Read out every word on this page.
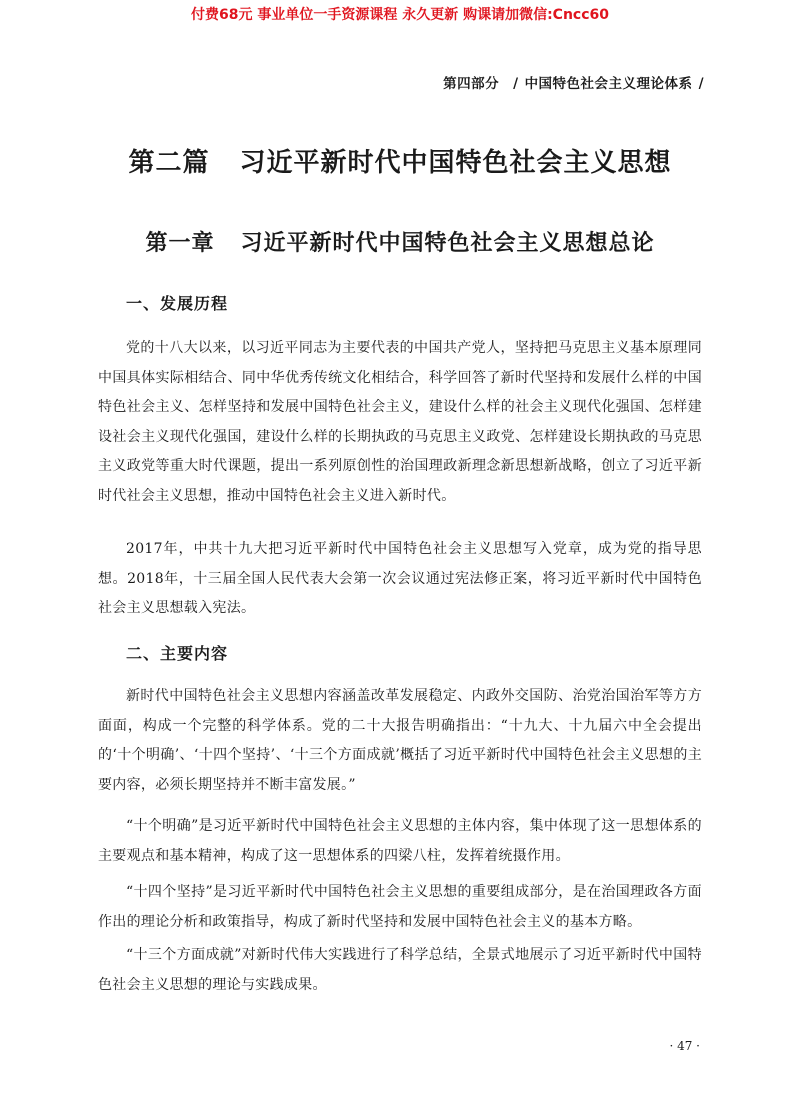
付费68元 事业单位一手资源课程 永久更新 购课请加微信:Cncc60
第四部分 / 中国特色社会主义理论体系 /
第二篇 习近平新时代中国特色社会主义思想
第一章 习近平新时代中国特色社会主义思想总论
一、发展历程
党的十八大以来，以习近平同志为主要代表的中国共产党人，坚持把马克思主义基本原理同中国具体实际相结合、同中华优秀传统文化相结合，科学回答了新时代坚持和发展什么样的中国特色社会主义、怎样坚持和发展中国特色社会主义，建设什么样的社会主义现代化强国、怎样建设社会主义现代化强国，建设什么样的长期执政的马克思主义政党、怎样建设长期执政的马克思主义政党等重大时代课题，提出一系列原创性的治国理政新理念新思想新战略，创立了习近平新时代社会主义思想，推动中国特色社会主义进入新时代。
2017年，中共十九大把习近平新时代中国特色社会主义思想写入党章，成为党的指导思想。2018年，十三届全国人民代表大会第一次会议通过宪法修正案，将习近平新时代中国特色社会主义思想载入宪法。
二、主要内容
新时代中国特色社会主义思想内容涵盖改革发展稳定、内政外交国防、治党治国治军等方方面面，构成一个完整的科学体系。党的二十大报告明确指出：“十九大、十九届六中全会提出的‘十个明确’、‘十四个坚持’、‘十三个方面成就’概括了习近平新时代中国特色社会主义思想的主要内容，必须长期坚持并不断丰富发展。”
“十个明确”是习近平新时代中国特色社会主义思想的主体内容，集中体现了这一思想体系的主要观点和基本精神，构成了这一思想体系的四梁八柱，发挥着统摄作用。
“十四个坚持”是习近平新时代中国特色社会主义思想的重要组成部分，是在治国理政各方面作出的理论分析和政策指导，构成了新时代坚持和发展中国特色社会主义的基本方略。
“十三个方面成就”对新时代伟大实践进行了科学总结，全景式地展示了习近平新时代中国特色社会主义思想的理论与实践成果。
· 47 ·
